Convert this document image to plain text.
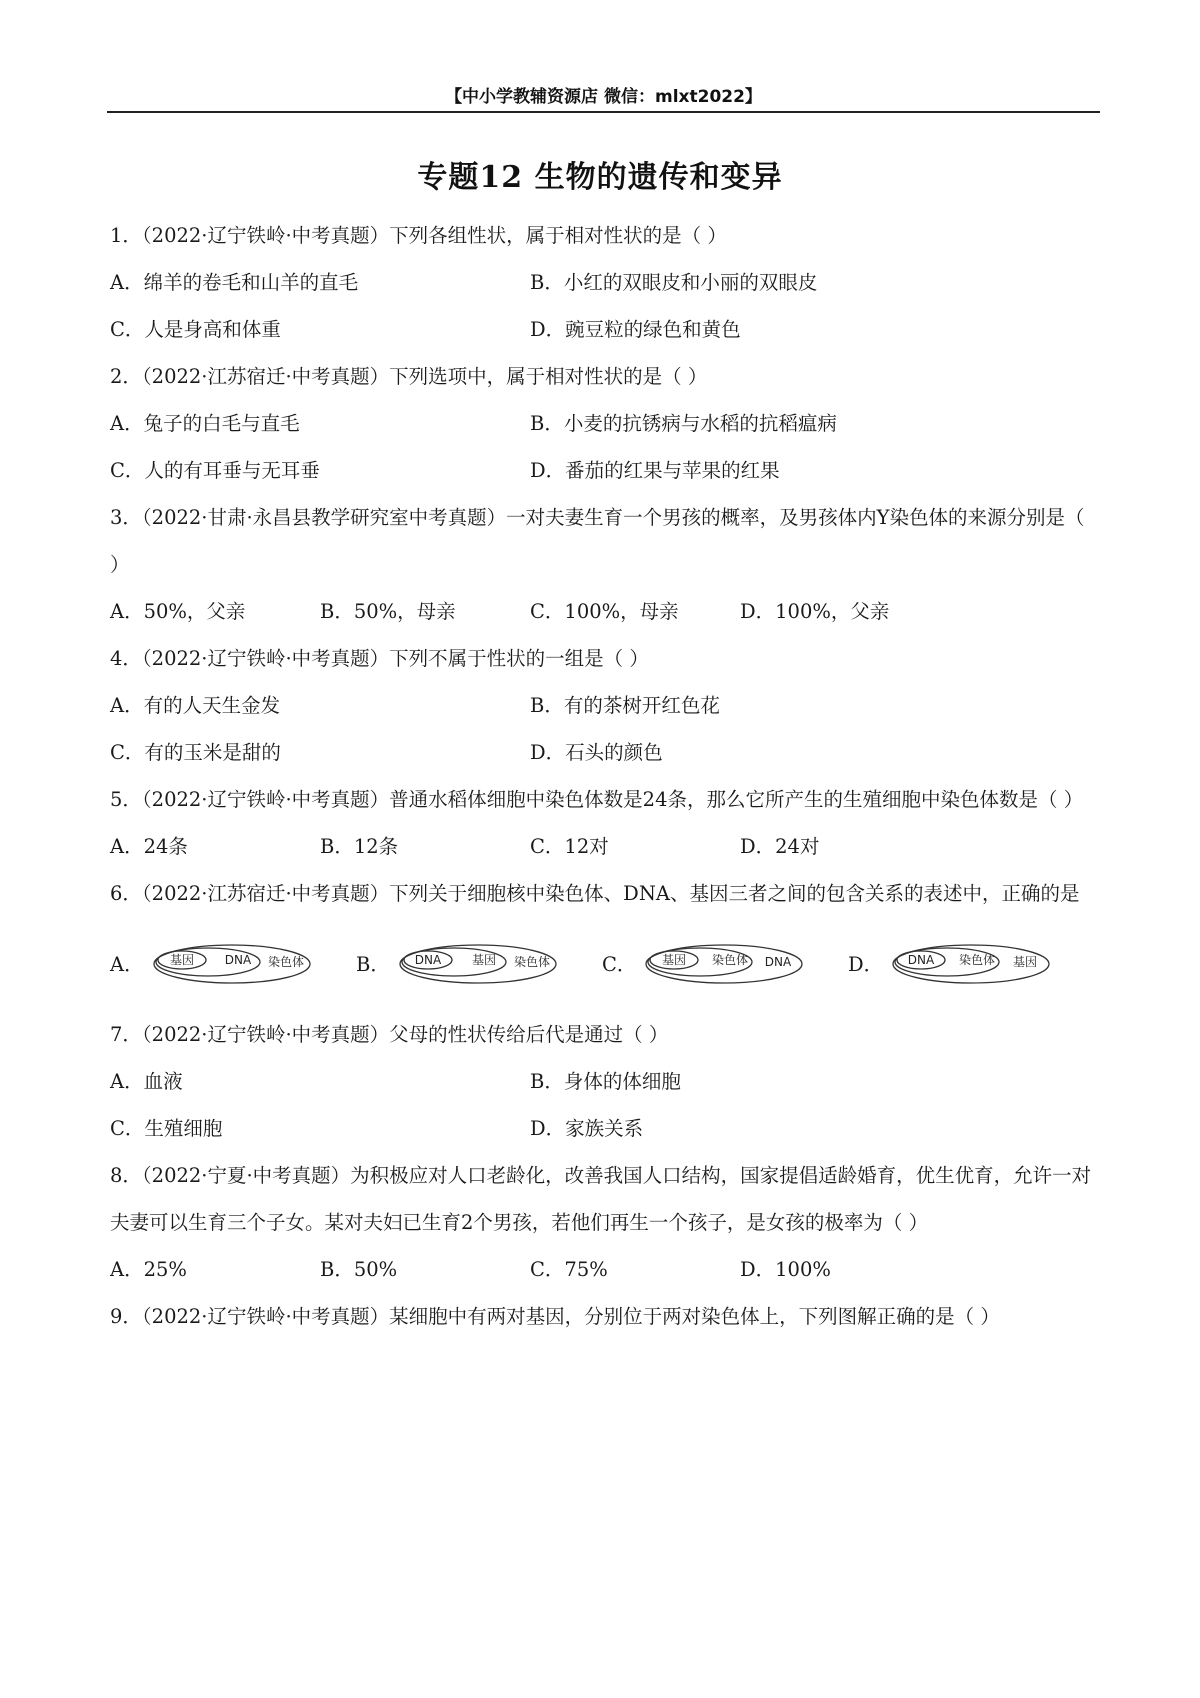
【中小学教辅资源店 微信：mlxt2022】
专题12 生物的遗传和变异
1．（2022·辽宁铁岭·中考真题）下列各组性状，属于相对性状的是（ ）
A．绵羊的卷毛和山羊的直毛	B．小红的双眼皮和小丽的双眼皮
C．人是身高和体重	D．豌豆粒的绿色和黄色
2．（2022·江苏宿迁·中考真题）下列选项中，属于相对性状的是（ ）
A．兔子的白毛与直毛	B．小麦的抗锈病与水稻的抗稻瘟病
C．人的有耳垂与无耳垂	D．番茄的红果与苹果的红果
3．（2022·甘肃·永昌县教学研究室中考真题）一对夫妻生育一个男孩的概率，及男孩体内Y染色体的来源分别是（ ）
A．50%，父亲	B．50%，母亲	C．100%，母亲	D．100%，父亲
4．（2022·辽宁铁岭·中考真题）下列不属于性状的一组是（ ）
A．有的人天生金发	B．有的茶树开红色花
C．有的玉米是甜的	D．石头的颜色
5．（2022·辽宁铁岭·中考真题）普通水稻体细胞中染色体数是24条，那么它所产生的生殖细胞中染色体数是（ ）
A．24条	B．12条	C．12对	D．24对
6．（2022·江苏宿迁·中考真题）下列关于细胞核中染色体、DNA、基因三者之间的包含关系的表述中，正确的是
A． 基因	DNA 染色体	B． DNA	基因 染色体	C． 基因 染色体 DNA	D． DNA 染色体 基因
7．（2022·辽宁铁岭·中考真题）父母的性状传给后代是通过（ ）
A．血液	B．身体的体细胞
C．生殖细胞	D．家族关系
8．（2022·宁夏·中考真题）为积极应对人口老龄化，改善我国人口结构，国家提倡适龄婚育，优生优育，允许一对夫妻可以生育三个子女。某对夫妇已生育2个男孩，若他们再生一个孩子，是女孩的极率为（ ）
A．25%	B．50%	C．75%	D．100%
9．（2022·辽宁铁岭·中考真题）某细胞中有两对基因，分别位于两对染色体上，下列图解正确的是（ ）
